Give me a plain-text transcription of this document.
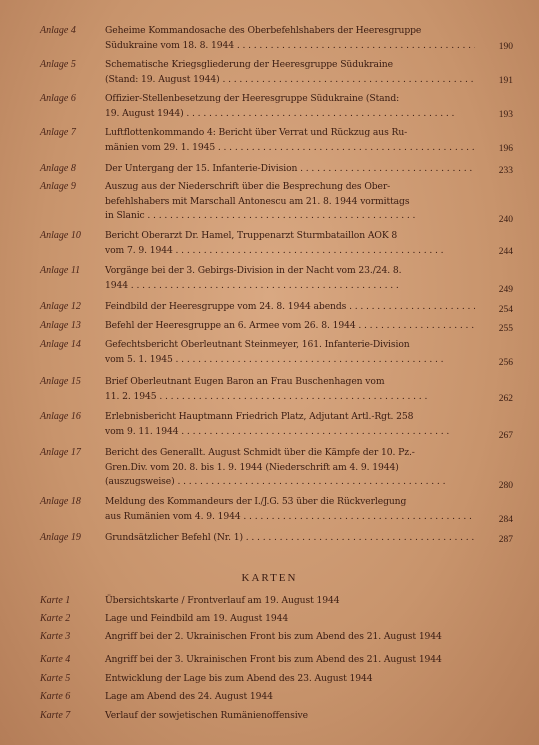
Anlage 4	Geheime Kommandosache des Oberbefehlshabers der Heeresgruppe
Südukraine vom 18. 8. 1944 . . .	190
Anlage 5	Schematische Kriegsgliederung der Heeresgruppe Südukraine
(Stand: 19. August 1944) . . .	191
Anlage 6	Offizier-Stellenbesetzung der Heeresgruppe Südukraine (Stand:
19. August 1944) . . .	193
Anlage 7	Luftflottenkommando 4: Bericht über Verrat und Rückzug aus Ru-
mänien vom 29. 1. 1945 . . .	196
Anlage 8	Der Untergang der 15. Infanterie-Division . . .	233
Anlage 9	Auszug aus der Niederschrift über die Besprechung des Ober-
befehlshabers mit Marschall Antonescu am 21. 8. 1944 vormittags
in Slanic . . .	240
Anlage 10	Bericht Oberarzt Dr. Hamel, Truppenarzt Sturmbataillon AOK 8
vom 7. 9. 1944 . . .	244
Anlage 11	Vorgänge bei der 3. Gebirgs-Division in der Nacht vom 23./24. 8.
1944 . . .	249
Anlage 12	Feindbild der Heeresgruppe vom 24. 8. 1944 abends . . .	254
Anlage 13	Befehl der Heeresgruppe an 6. Armee vom 26. 8. 1944 . . .	255
Anlage 14	Gefechtsbericht Oberleutnant Steinmeyer, 161. Infanterie-Division
vom 5. 1. 1945 . . .	256
Anlage 15	Brief Oberleutnant Eugen Baron an Frau Buschenhagen vom
11. 2. 1945 . . .	262
Anlage 16	Erlebnisbericht Hauptmann Friedrich Platz, Adjutant Artl.-Rgt. 258
vom 9. 11. 1944 . . .	267
Anlage 17	Bericht des Generallt. August Schmidt über die Kämpfe der 10. Pz.-
Gren.Div. vom 20. 8. bis 1. 9. 1944 (Niederschrift am 4. 9. 1944)
(auszugsweise) . . .	280
Anlage 18	Meldung des Kommandeurs der I./J.G. 53 über die Rückverlegung
aus Rumänien vom 4. 9. 1944 . . .	284
Anlage 19	Grundsätzlicher Befehl (Nr. 1) . . .	287
KARTEN
Karte 1	Übersichtskarte / Frontverlauf am 19. August 1944
Karte 2	Lage und Feindbild am 19. August 1944
Karte 3	Angriff bei der 2. Ukrainischen Front bis zum Abend des 21. August 1944
Karte 4	Angriff bei der 3. Ukrainischen Front bis zum Abend des 21. August 1944
Karte 5	Entwicklung der Lage bis zum Abend des 23. August 1944
Karte 6	Lage am Abend des 24. August 1944
Karte 7	Verlauf der sowjetischen Rumänienoffensive
